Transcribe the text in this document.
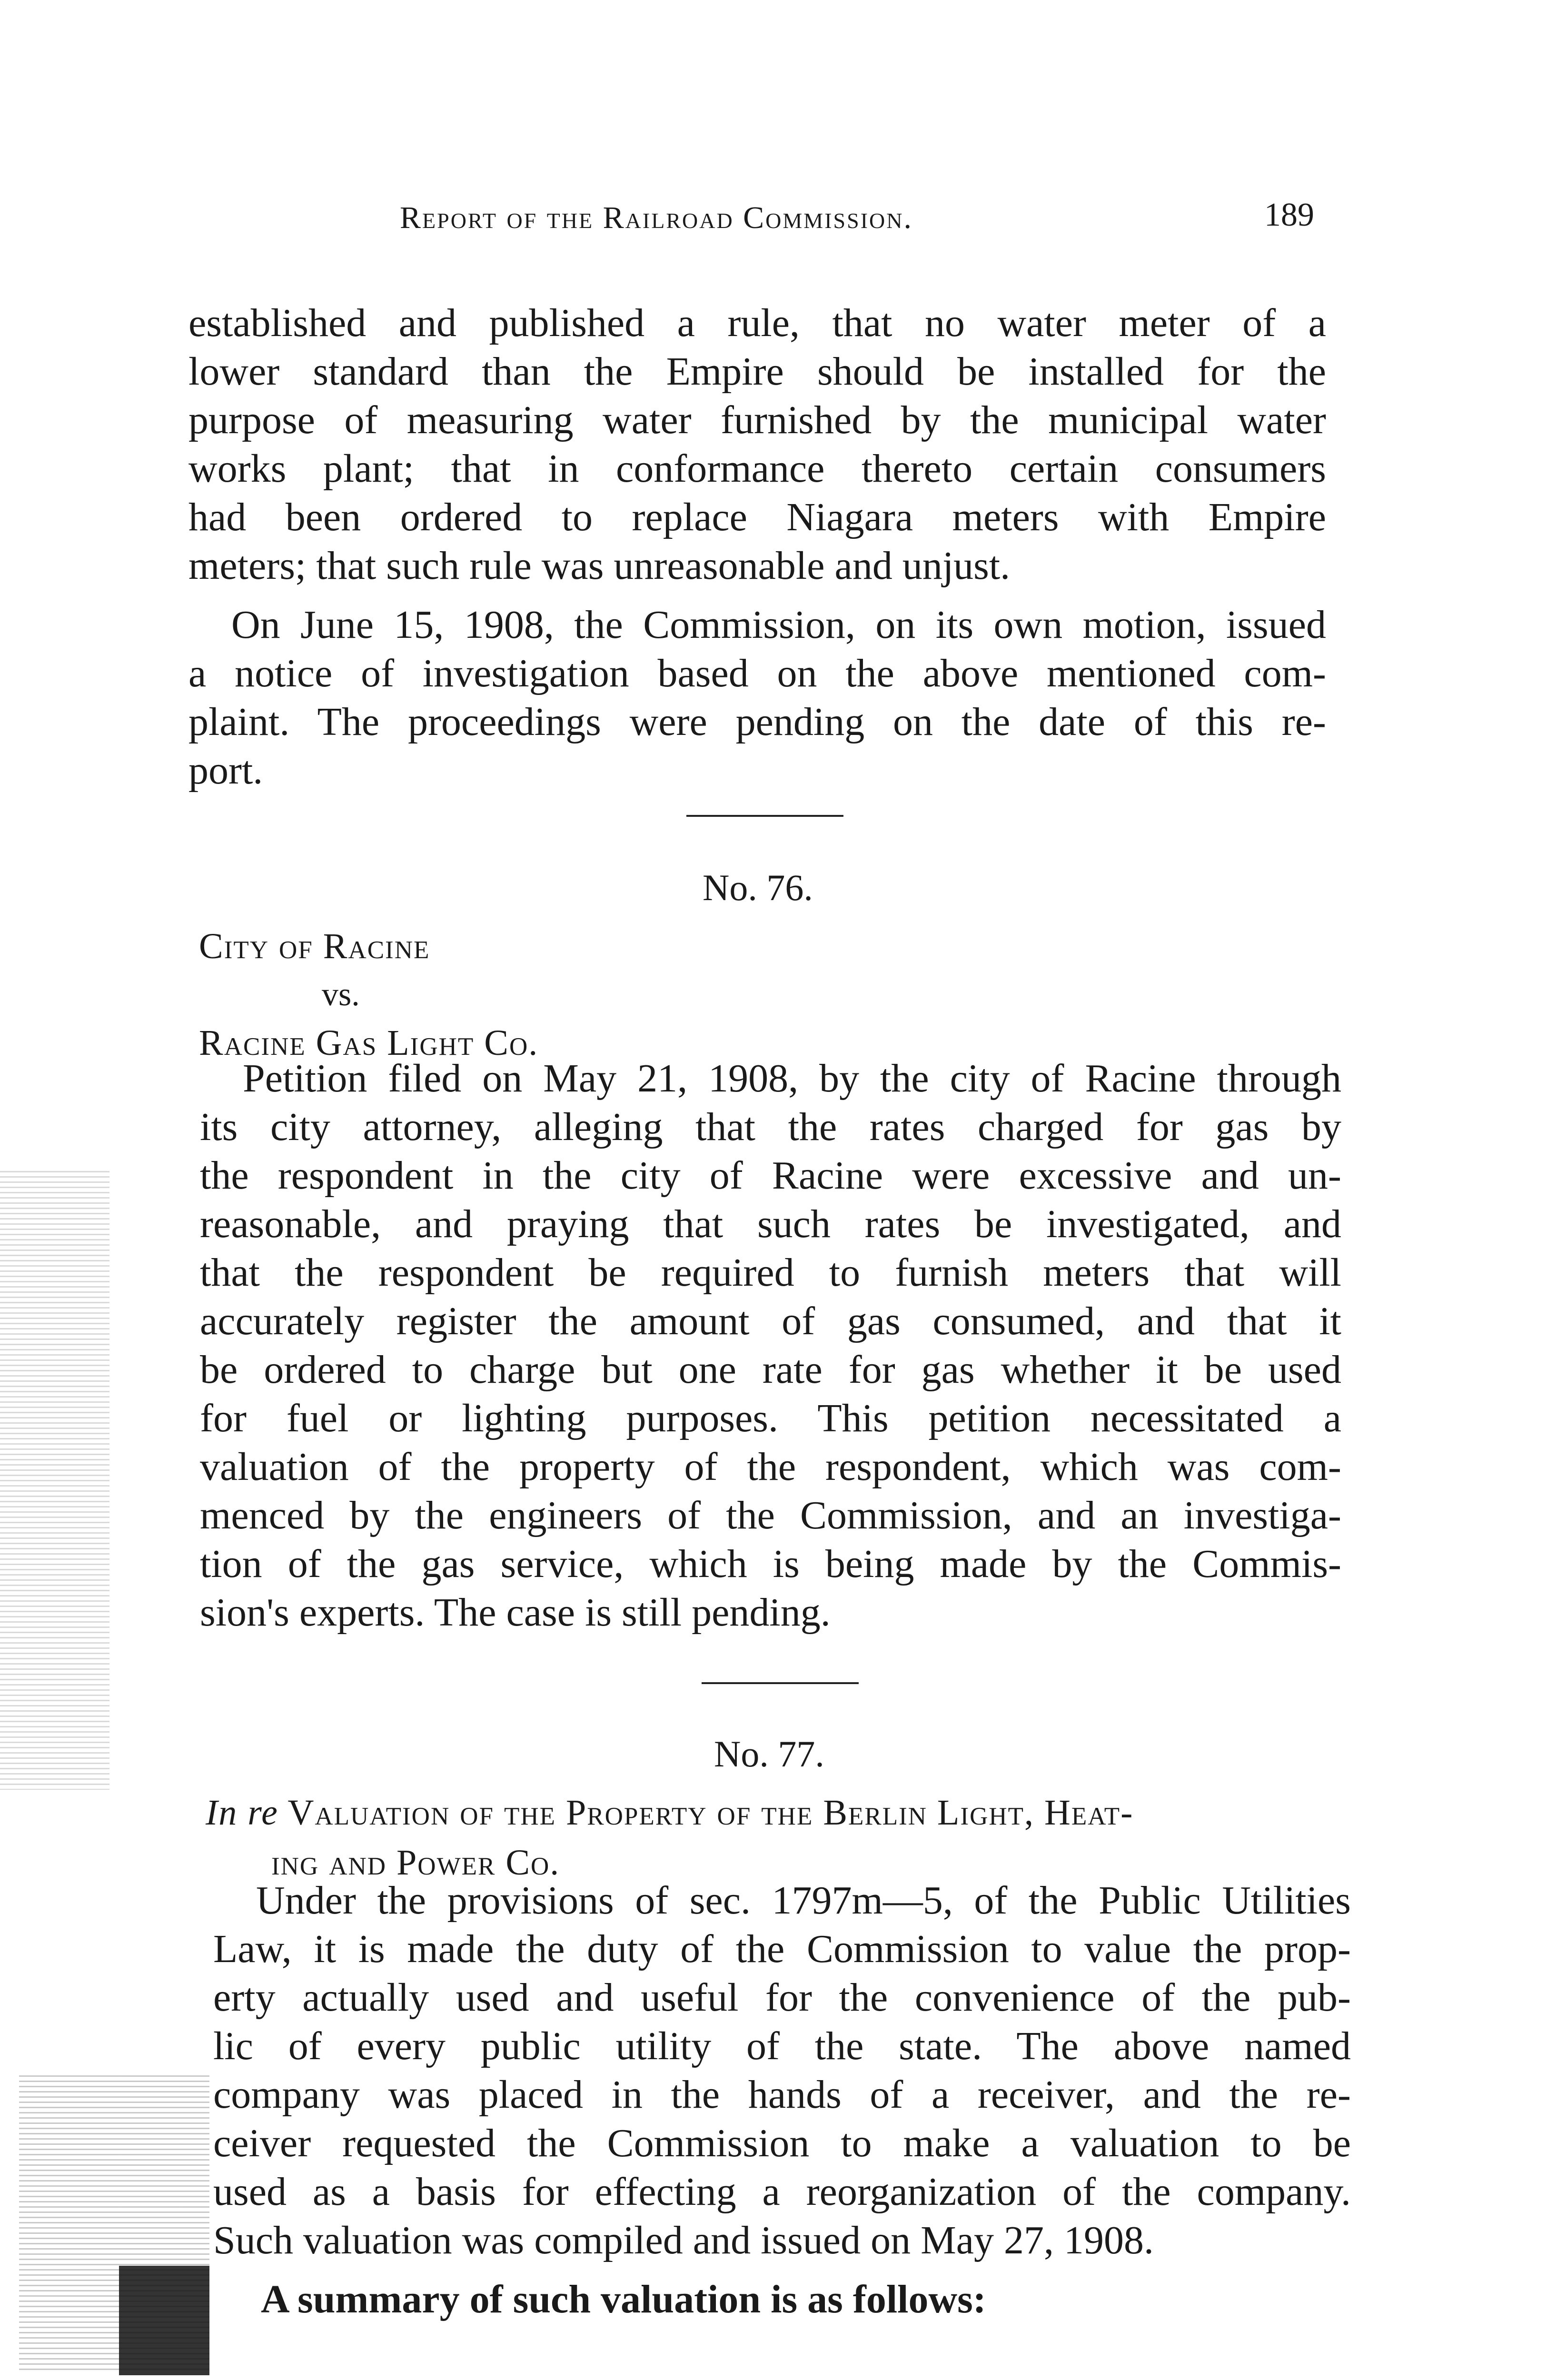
Report of the Railroad Commission.	189
established and published a rule, that no water meter of a
lower standard than the Empire should be installed for the
purpose of measuring water furnished by the municipal water
works plant; that in conformance thereto certain consumers
had been ordered to replace Niagara meters with Empire
meters; that such rule was unreasonable and unjust.
On June 15, 1908, the Commission, on its own motion, issued
a notice of investigation based on the above mentioned com-
plaint. The proceedings were pending on the date of this re-
port.
No. 76.
City of Racine
vs.
Racine Gas Light Co.
Petition filed on May 21, 1908, by the city of Racine through
its city attorney, alleging that the rates charged for gas by
the respondent in the city of Racine were excessive and un-
reasonable, and praying that such rates be investigated, and
that the respondent be required to furnish meters that will
accurately register the amount of gas consumed, and that it
be ordered to charge but one rate for gas whether it be used
for fuel or lighting purposes. This petition necessitated a
valuation of the property of the respondent, which was com-
menced by the engineers of the Commission, and an investiga-
tion of the gas service, which is being made by the Commis-
sion's experts. The case is still pending.
No. 77.
In re Valuation of the Property of the Berlin Light, Heat-
ing and Power Co.
Under the provisions of sec. 1797m—5, of the Public Utilities
Law, it is made the duty of the Commission to value the prop-
erty actually used and useful for the convenience of the pub-
lic of every public utility of the state. The above named
company was placed in the hands of a receiver, and the re-
ceiver requested the Commission to make a valuation to be
used as a basis for effecting a reorganization of the company.
Such valuation was compiled and issued on May 27, 1908.
A summary of such valuation is as follows:
